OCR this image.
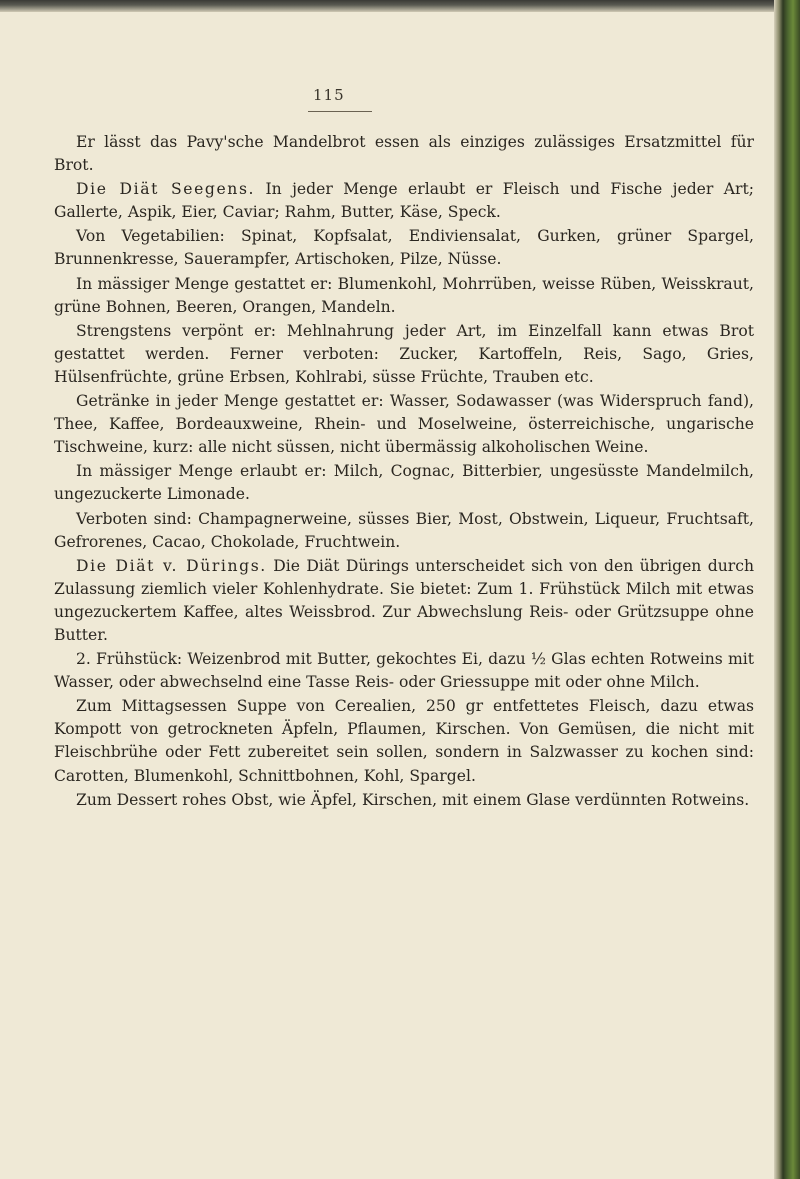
115

Er lässt das Pavy'sche Mandelbrot essen als einziges zulässiges Ersatzmittel für Brot.

Die Diät Seegens. In jeder Menge erlaubt er Fleisch und Fische jeder Art; Gallerte, Aspik, Eier, Caviar; Rahm, Butter, Käse, Speck.

Von Vegetabilien: Spinat, Kopfsalat, Endiviensalat, Gurken, grüner Spargel, Brunnenkresse, Sauerampfer, Artischoken, Pilze, Nüsse.

In mässiger Menge gestattet er: Blumenkohl, Mohrrüben, weisse Rüben, Weisskraut, grüne Bohnen, Beeren, Orangen, Mandeln.

Strengstens verpönt er: Mehlnahrung jeder Art, im Einzelfall kann etwas Brot gestattet werden. Ferner verboten: Zucker, Kartoffeln, Reis, Sago, Gries, Hülsenfrüchte, grüne Erbsen, Kohlrabi, süsse Früchte, Trauben etc.

Getränke in jeder Menge gestattet er: Wasser, Sodawasser (was Widerspruch fand), Thee, Kaffee, Bordeauxweine, Rhein- und Moselweine, österreichische, ungarische Tischweine, kurz: alle nicht süssen, nicht übermässig alkoholischen Weine.

In mässiger Menge erlaubt er: Milch, Cognac, Bitterbier, ungesüsste Mandelmilch, ungezuckerte Limonade.

Verboten sind: Champagnerweine, süsses Bier, Most, Obstwein, Liqueur, Fruchtsaft, Gefrorenes, Cacao, Chokolade, Fruchtwein.

Die Diät v. Dürings. Die Diät Dürings unterscheidet sich von den übrigen durch Zulassung ziemlich vieler Kohlenhydrate. Sie bietet: Zum 1. Frühstück Milch mit etwas ungezuckertem Kaffee, altes Weissbrod. Zur Abwechslung Reis- oder Grützsuppe ohne Butter.

2. Frühstück: Weizenbrod mit Butter, gekochtes Ei, dazu ½ Glas echten Rotweins mit Wasser, oder abwechselnd eine Tasse Reis- oder Griessuppe mit oder ohne Milch.

Zum Mittagsessen Suppe von Cerealien, 250 gr entfettetes Fleisch, dazu etwas Kompott von getrockneten Äpfeln, Pflaumen, Kirschen. Von Gemüsen, die nicht mit Fleischbrühe oder Fett zubereitet sein sollen, sondern in Salzwasser zu kochen sind: Carotten, Blumenkohl, Schnittbohnen, Kohl, Spargel.

Zum Dessert rohes Obst, wie Äpfel, Kirschen, mit einem Glase verdünnten Rotweins.
